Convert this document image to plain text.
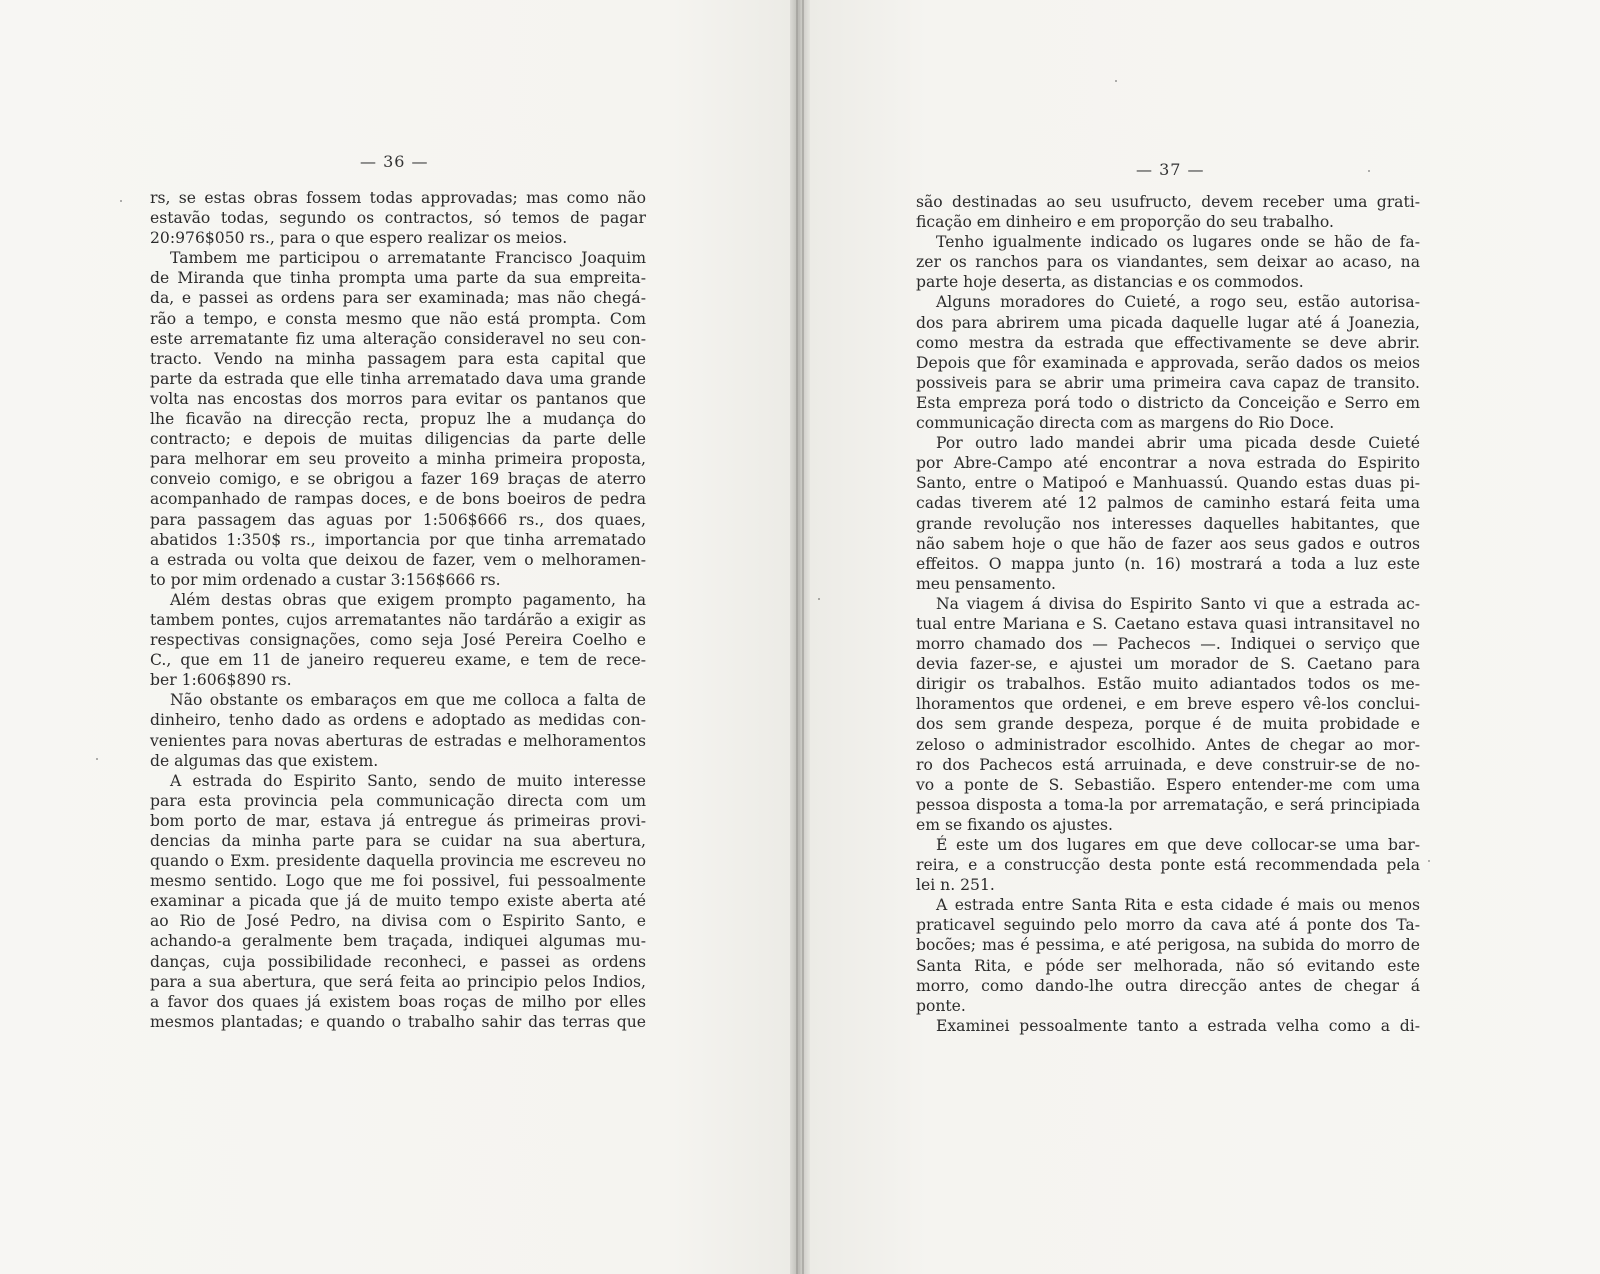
— 36 —
rs, se estas obras fossem todas approvadas; mas como não
estavão todas, segundo os contractos, só temos de pagar
20:976$050 rs., para o que espero realizar os meios.
Tambem me participou o arrematante Francisco Joaquim
de Miranda que tinha prompta uma parte da sua empreita-
da, e passei as ordens para ser examinada; mas não chegá-
rão a tempo, e consta mesmo que não está prompta. Com
este arrematante fiz uma alteração consideravel no seu con-
tracto. Vendo na minha passagem para esta capital que
parte da estrada que elle tinha arrematado dava uma grande
volta nas encostas dos morros para evitar os pantanos que
lhe ficavão na direcção recta, propuz lhe a mudança do
contracto; e depois de muitas diligencias da parte delle
para melhorar em seu proveito a minha primeira proposta,
conveio comigo, e se obrigou a fazer 169 braças de aterro
acompanhado de rampas doces, e de bons boeiros de pedra
para passagem das aguas por 1:506$666 rs., dos quaes,
abatidos 1:350$ rs., importancia por que tinha arrematado
a estrada ou volta que deixou de fazer, vem o melhoramen-
to por mim ordenado a custar 3:156$666 rs.
Além destas obras que exigem prompto pagamento, ha
tambem pontes, cujos arrematantes não tardárão a exigir as
respectivas consignações, como seja José Pereira Coelho e
C., que em 11 de janeiro requereu exame, e tem de rece-
ber 1:606$890 rs.
Não obstante os embaraços em que me colloca a falta de
dinheiro, tenho dado as ordens e adoptado as medidas con-
venientes para novas aberturas de estradas e melhoramentos
de algumas das que existem.
A estrada do Espirito Santo, sendo de muito interesse
para esta provincia pela communicação directa com um
bom porto de mar, estava já entregue ás primeiras provi-
dencias da minha parte para se cuidar na sua abertura,
quando o Exm. presidente daquella provincia me escreveu no
mesmo sentido. Logo que me foi possivel, fui pessoalmente
examinar a picada que já de muito tempo existe aberta até
ao Rio de José Pedro, na divisa com o Espirito Santo, e
achando-a geralmente bem traçada, indiquei algumas mu-
danças, cuja possibilidade reconheci, e passei as ordens
para a sua abertura, que será feita ao principio pelos Indios,
a favor dos quaes já existem boas roças de milho por elles
mesmos plantadas; e quando o trabalho sahir das terras que
— 37 —
são destinadas ao seu usufructo, devem receber uma grati-
ficação em dinheiro e em proporção do seu trabalho.
Tenho igualmente indicado os lugares onde se hão de fa-
zer os ranchos para os viandantes, sem deixar ao acaso, na
parte hoje deserta, as distancias e os commodos.
Alguns moradores do Cuieté, a rogo seu, estão autorisa-
dos para abrirem uma picada daquelle lugar até á Joanezia,
como mestra da estrada que effectivamente se deve abrir.
Depois que fôr examinada e approvada, serão dados os meios
possiveis para se abrir uma primeira cava capaz de transito.
Esta empreza porá todo o districto da Conceição e Serro em
communicação directa com as margens do Rio Doce.
Por outro lado mandei abrir uma picada desde Cuieté
por Abre-Campo até encontrar a nova estrada do Espirito
Santo, entre o Matipoó e Manhuassú. Quando estas duas pi-
cadas tiverem até 12 palmos de caminho estará feita uma
grande revolução nos interesses daquelles habitantes, que
não sabem hoje o que hão de fazer aos seus gados e outros
effeitos. O mappa junto (n. 16) mostrará a toda a luz este
meu pensamento.
Na viagem á divisa do Espirito Santo vi que a estrada ac-
tual entre Mariana e S. Caetano estava quasi intransitavel no
morro chamado dos — Pachecos —. Indiquei o serviço que
devia fazer-se, e ajustei um morador de S. Caetano para
dirigir os trabalhos. Estão muito adiantados todos os me-
lhoramentos que ordenei, e em breve espero vê-los conclui-
dos sem grande despeza, porque é de muita probidade e
zeloso o administrador escolhido. Antes de chegar ao mor-
ro dos Pachecos está arruinada, e deve construir-se de no-
vo a ponte de S. Sebastião. Espero entender-me com uma
pessoa disposta a toma-la por arrematação, e será principiada
em se fixando os ajustes.
É este um dos lugares em que deve collocar-se uma bar-
reira, e a construcção desta ponte está recommendada pela
lei n. 251.
A estrada entre Santa Rita e esta cidade é mais ou menos
praticavel seguindo pelo morro da cava até á ponte dos Ta-
bocões; mas é pessima, e até perigosa, na subida do morro de
Santa Rita, e póde ser melhorada, não só evitando este
morro, como dando-lhe outra direcção antes de chegar á
ponte.
Examinei pessoalmente tanto a estrada velha como a di-
